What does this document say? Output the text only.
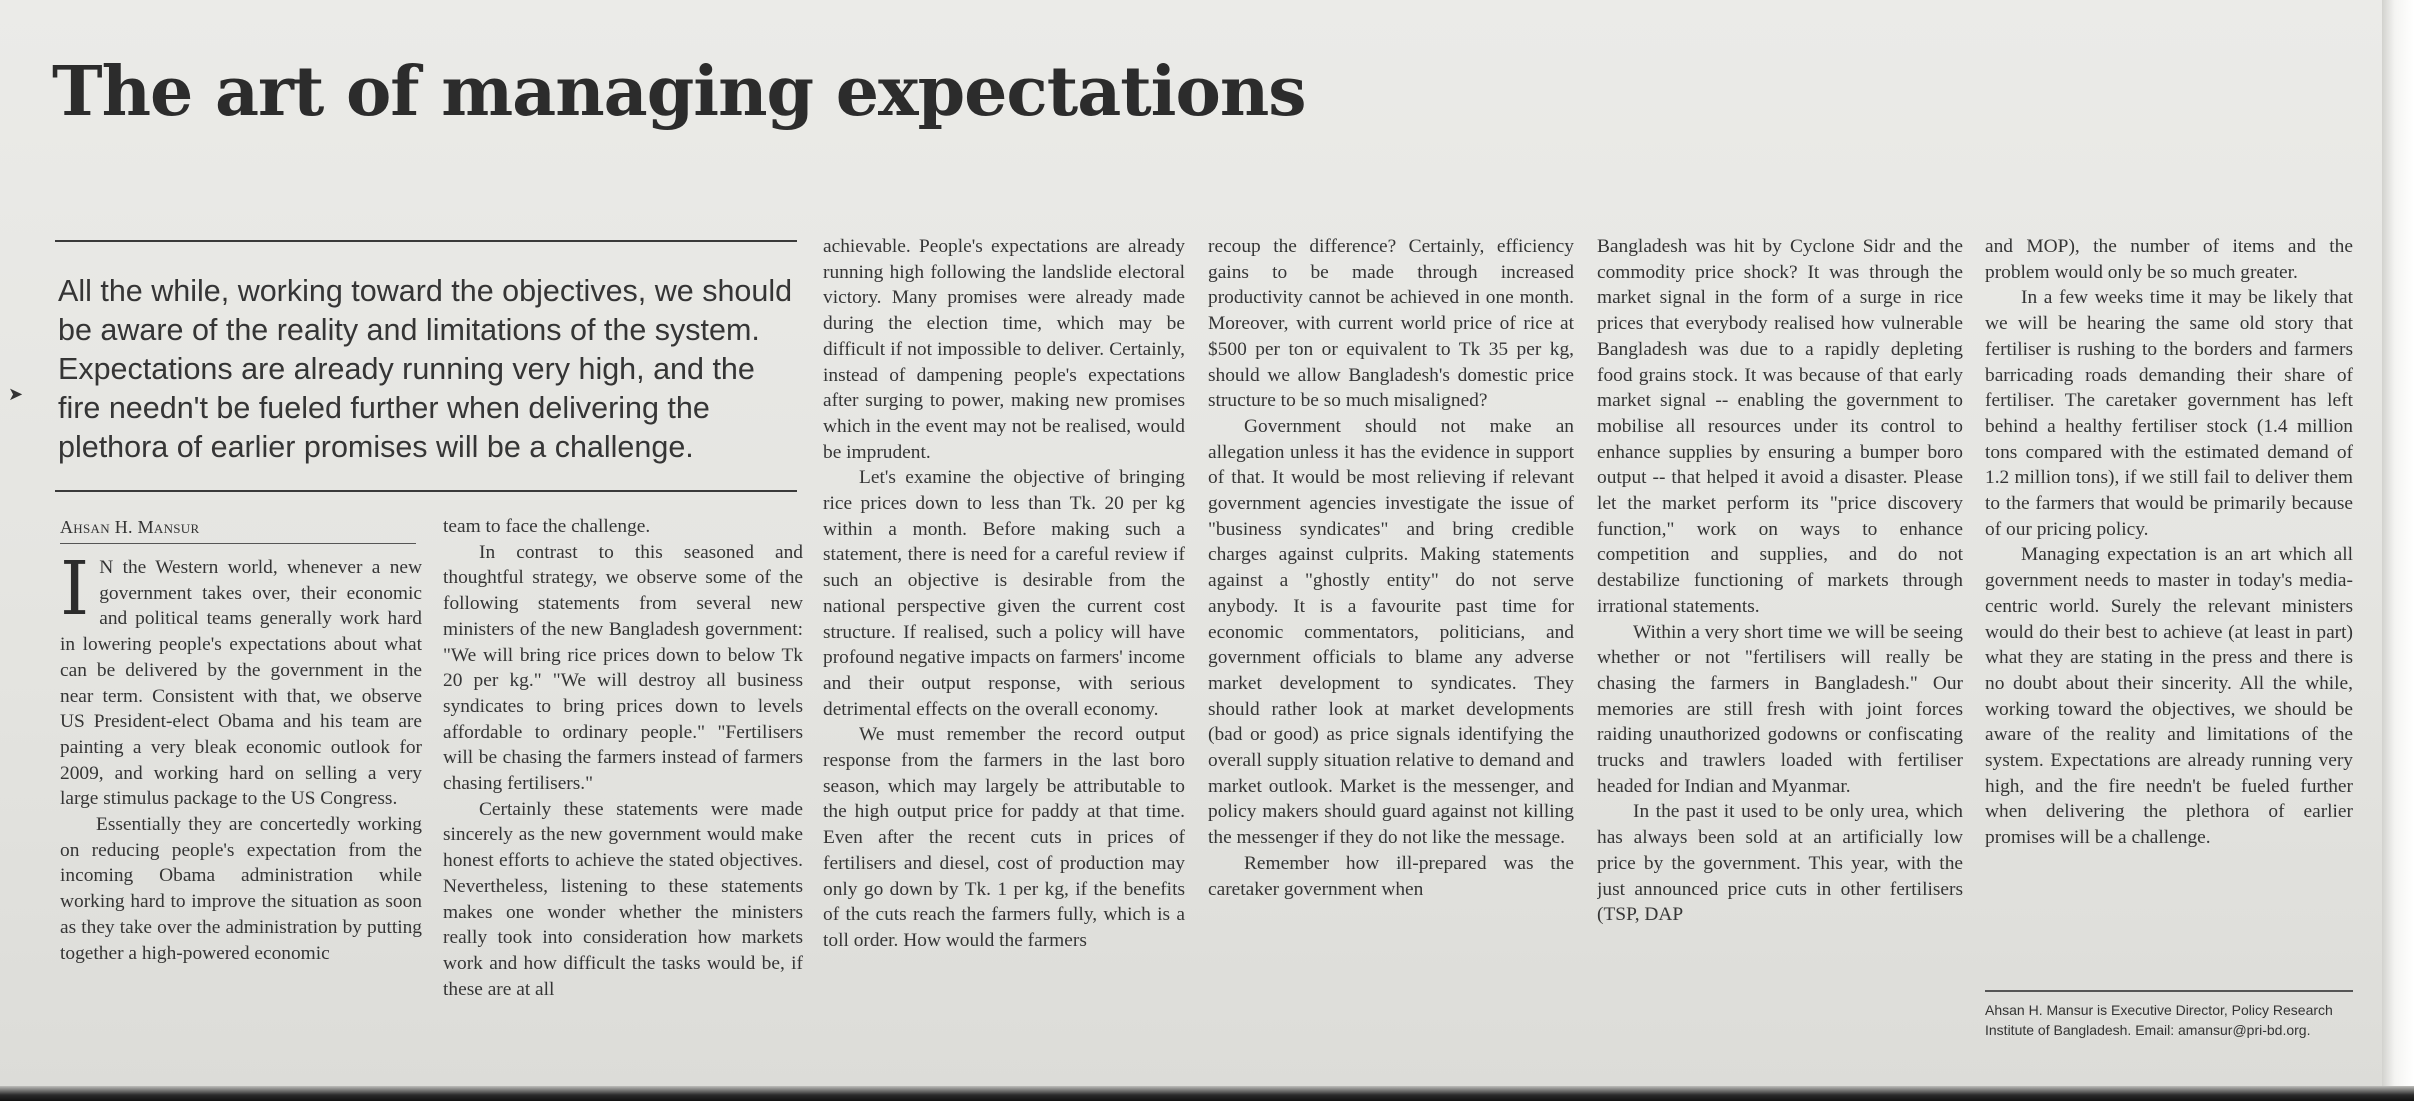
➤
The art of managing expectations

All the while, working toward the objectives, we should be aware of the reality and limitations of the system. Expectations are already running very high, and the fire needn't be fueled further when delivering the plethora of earlier promises will be a challenge.

Ahsan H. Mansur

I N the Western world, whenever a new government takes over, their economic and political teams generally work hard in lowering people's expectations about what can be delivered by the government in the near term. Consistent with that, we observe US President-elect Obama and his team are painting a very bleak economic outlook for 2009, and working hard on selling a very large stimulus package to the US Congress.

Essentially they are concertedly working on reducing people's expectation from the incoming Obama administration while working hard to improve the situation as soon as they take over the administration by putting together a high-powered economic

team to face the challenge.

In contrast to this seasoned and thoughtful strategy, we observe some of the following statements from several new ministers of the new Bangladesh government: "We will bring rice prices down to below Tk 20 per kg." "We will destroy all business syndicates to bring prices down to levels affordable to ordinary people." "Fertilisers will be chasing the farmers instead of farmers chasing fertilisers."

Certainly these statements were made sincerely as the new government would make honest efforts to achieve the stated objectives. Nevertheless, listening to these statements makes one wonder whether the ministers really took into consideration how markets work and how difficult the tasks would be, if these are at all

achievable. People's expectations are already running high following the landslide electoral victory. Many promises were already made during the election time, which may be difficult if not impossible to deliver. Certainly, instead of dampening people's expectations after surging to power, making new promises which in the event may not be realised, would be imprudent.

Let's examine the objective of bringing rice prices down to less than Tk. 20 per kg within a month. Before making such a statement, there is need for a careful review if such an objective is desirable from the national perspective given the current cost structure. If realised, such a policy will have profound negative impacts on farmers' income and their output response, with serious detrimental effects on the overall economy.

We must remember the record output response from the farmers in the last boro season, which may largely be attributable to the high output price for paddy at that time. Even after the recent cuts in prices of fertilisers and diesel, cost of production may only go down by Tk. 1 per kg, if the benefits of the cuts reach the farmers fully, which is a toll order. How would the farmers

recoup the difference? Certainly, efficiency gains to be made through increased productivity cannot be achieved in one month. Moreover, with current world price of rice at $500 per ton or equivalent to Tk 35 per kg, should we allow Bangladesh's domestic price structure to be so much misaligned?

Government should not make an allegation unless it has the evidence in support of that. It would be most relieving if relevant government agencies investigate the issue of "business syndicates" and bring credible charges against culprits. Making statements against a "ghostly entity" do not serve anybody. It is a favourite past time for economic commentators, politicians, and government officials to blame any adverse market development to syndicates. They should rather look at market developments (bad or good) as price signals identifying the overall supply situation relative to demand and market outlook. Market is the messenger, and policy makers should guard against not killing the messenger if they do not like the message.

Remember how ill-prepared was the caretaker government when

Bangladesh was hit by Cyclone Sidr and the commodity price shock? It was through the market signal in the form of a surge in rice prices that everybody realised how vulnerable Bangladesh was due to a rapidly depleting food grains stock. It was because of that early market signal -- enabling the government to mobilise all resources under its control to enhance supplies by ensuring a bumper boro output -- that helped it avoid a disaster. Please let the market perform its "price discovery function," work on ways to enhance competition and supplies, and do not destabilize functioning of markets through irrational statements.

Within a very short time we will be seeing whether or not "fertilisers will really be chasing the farmers in Bangladesh." Our memories are still fresh with joint forces raiding unauthorized godowns or confiscating trucks and trawlers loaded with fertiliser headed for Indian and Myanmar.

In the past it used to be only urea, which has always been sold at an artificially low price by the government. This year, with the just announced price cuts in other fertilisers (TSP, DAP

and MOP), the number of items and the problem would only be so much greater.

In a few weeks time it may be likely that we will be hearing the same old story that fertiliser is rushing to the borders and farmers barricading roads demanding their share of fertiliser. The caretaker government has left behind a healthy fertiliser stock (1.4 million tons compared with the estimated demand of 1.2 million tons), if we still fail to deliver them to the farmers that would be primarily because of our pricing policy.

Managing expectation is an art which all government needs to master in today's media-centric world. Surely the relevant ministers would do their best to achieve (at least in part) what they are stating in the press and there is no doubt about their sincerity. All the while, working toward the objectives, we should be aware of the reality and limitations of the system. Expectations are already running very high, and the fire needn't be fueled further when delivering the plethora of earlier promises will be a challenge.

Ahsan H. Mansur is Executive Director, Policy Research Institute of Bangladesh. Email: amansur@pri-bd.org.
